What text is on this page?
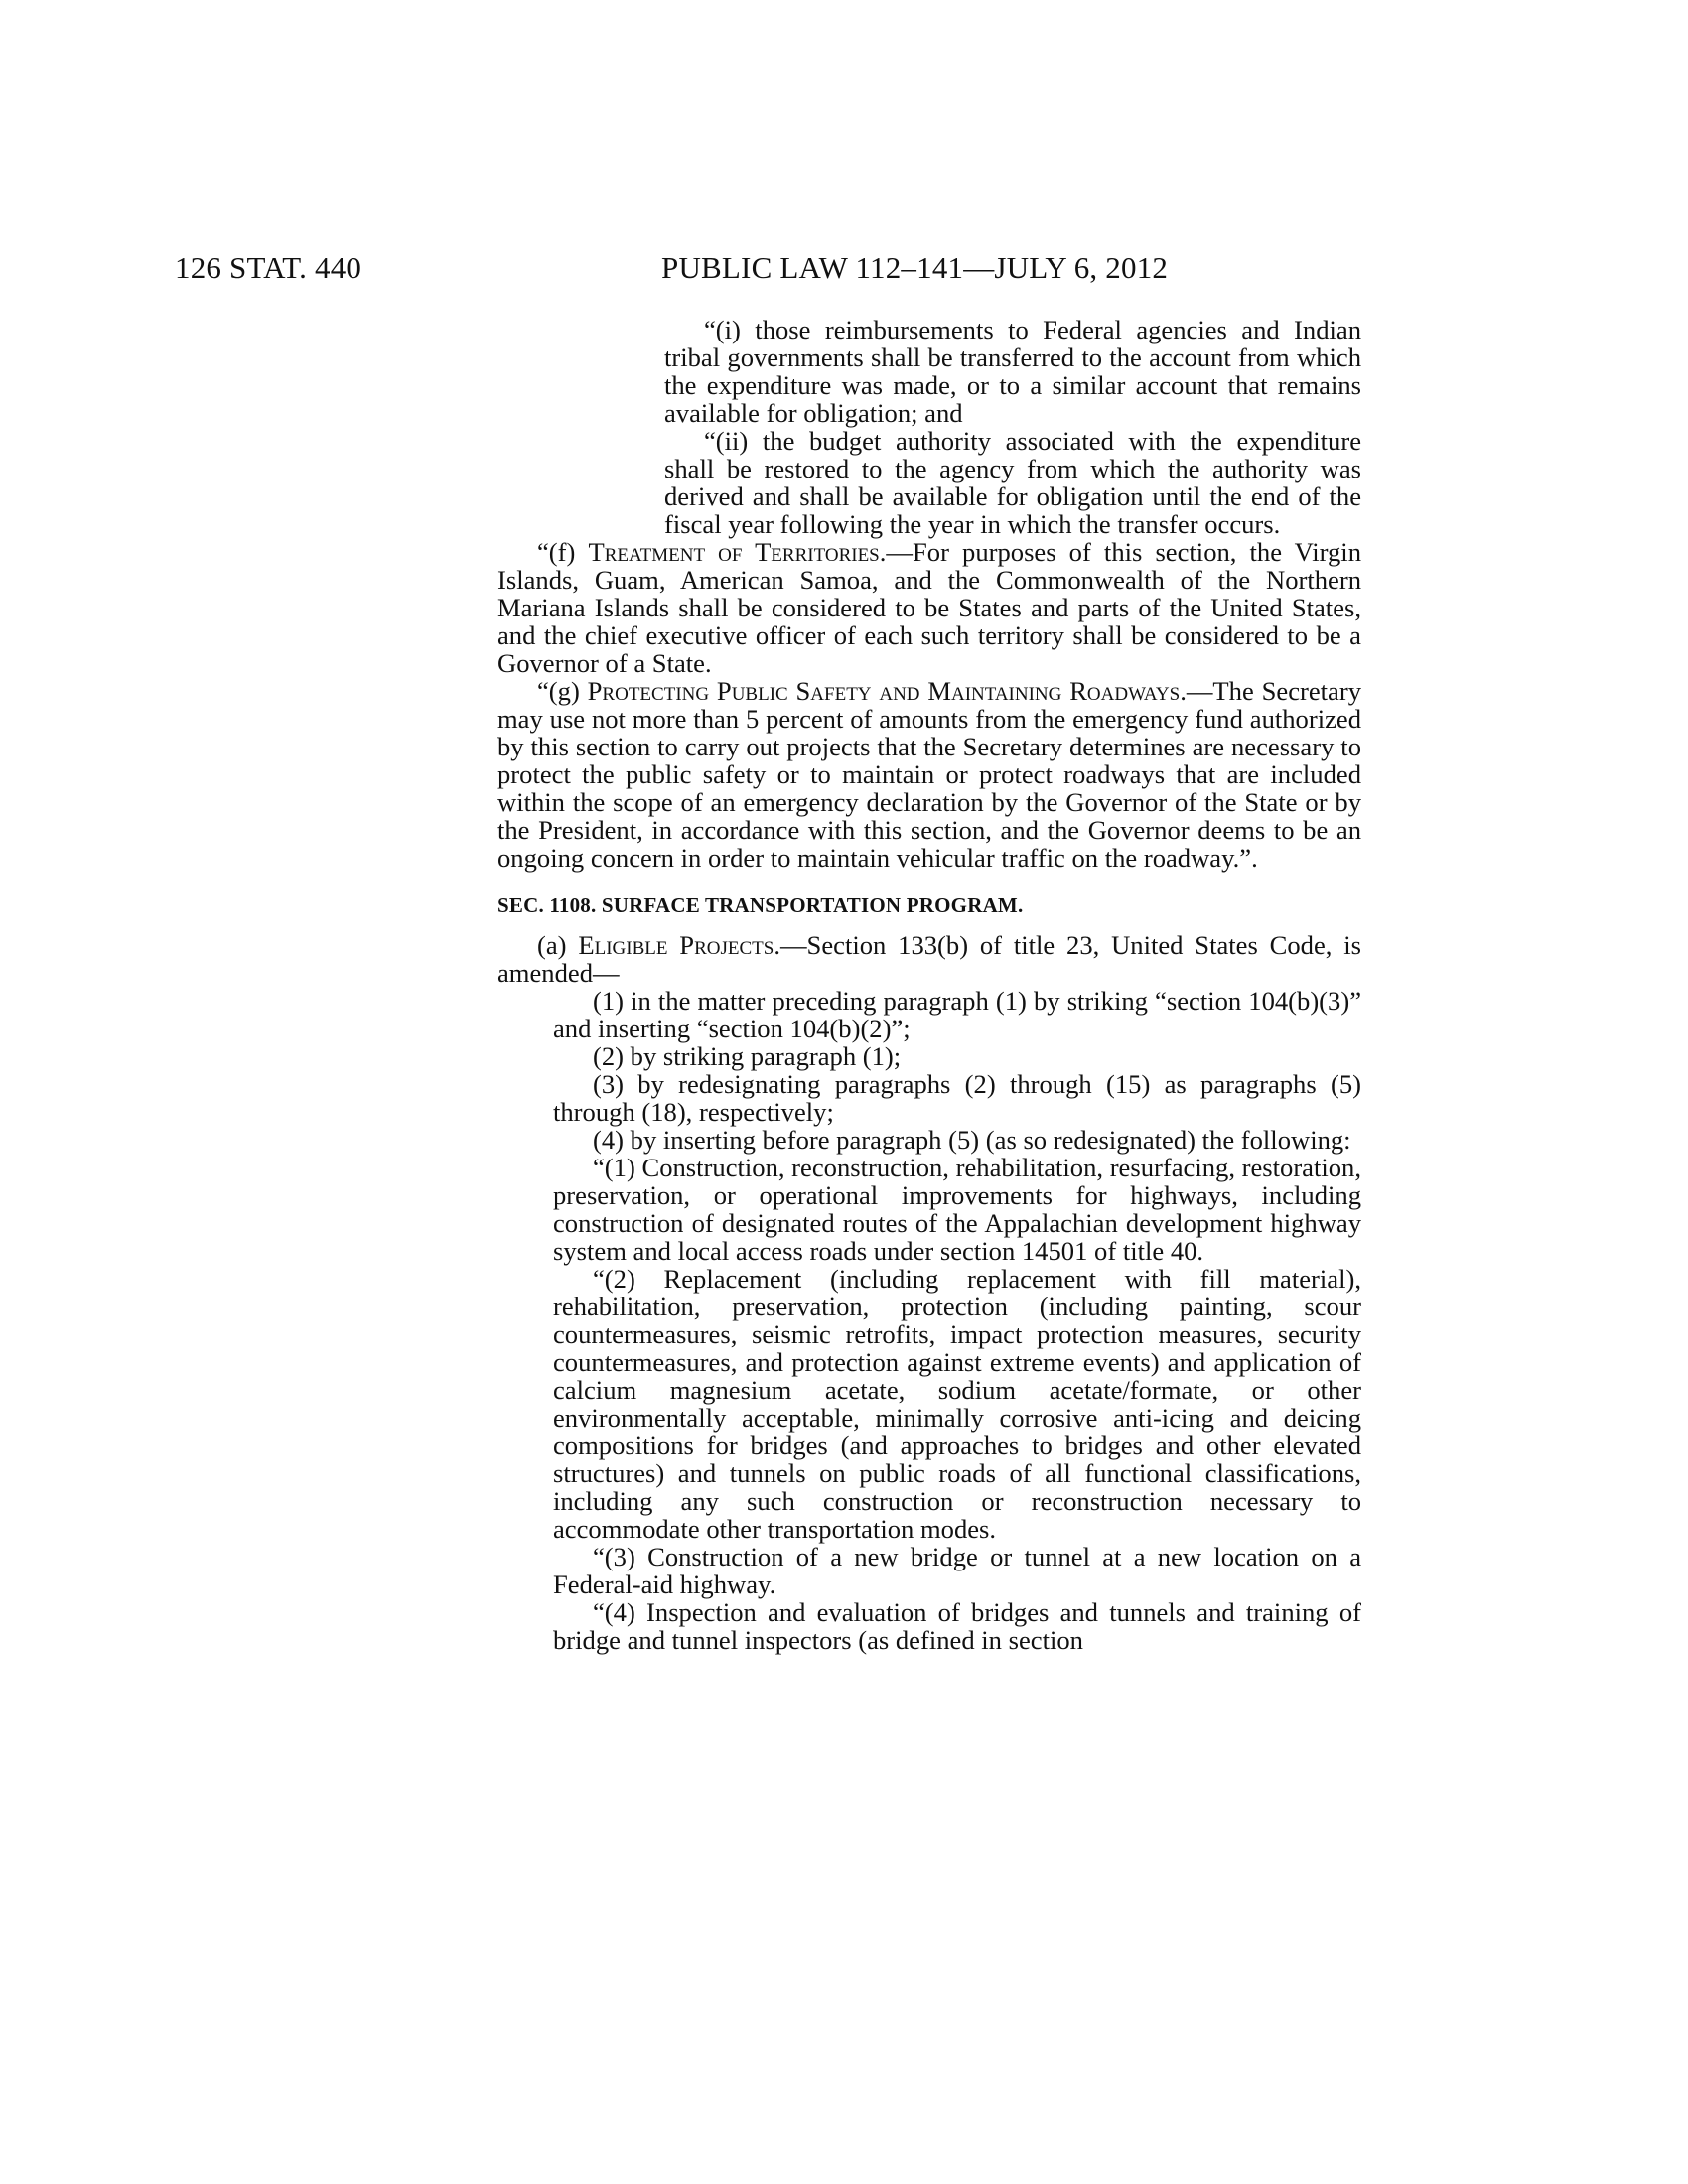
126 STAT. 440	PUBLIC LAW 112–141—JULY 6, 2012

“(i) those reimbursements to Federal agencies and Indian tribal governments shall be transferred to the account from which the expenditure was made, or to a similar account that remains available for obligation; and

“(ii) the budget authority associated with the expenditure shall be restored to the agency from which the authority was derived and shall be available for obligation until the end of the fiscal year following the year in which the transfer occurs.

“(f) Treatment of Territories.—For purposes of this section, the Virgin Islands, Guam, American Samoa, and the Commonwealth of the Northern Mariana Islands shall be considered to be States and parts of the United States, and the chief executive officer of each such territory shall be considered to be a Governor of a State.

“(g) Protecting Public Safety and Maintaining Roadways.—The Secretary may use not more than 5 percent of amounts from the emergency fund authorized by this section to carry out projects that the Secretary determines are necessary to protect the public safety or to maintain or protect roadways that are included within the scope of an emergency declaration by the Governor of the State or by the President, in accordance with this section, and the Governor deems to be an ongoing concern in order to maintain vehicular traffic on the roadway.”.

SEC. 1108. SURFACE TRANSPORTATION PROGRAM.

(a) Eligible Projects.—Section 133(b) of title 23, United States Code, is amended—

(1) in the matter preceding paragraph (1) by striking “section 104(b)(3)” and inserting “section 104(b)(2)”;

(2) by striking paragraph (1);

(3) by redesignating paragraphs (2) through (15) as paragraphs (5) through (18), respectively;

(4) by inserting before paragraph (5) (as so redesignated) the following:

“(1) Construction, reconstruction, rehabilitation, resurfacing, restoration, preservation, or operational improvements for highways, including construction of designated routes of the Appalachian development highway system and local access roads under section 14501 of title 40.

“(2) Replacement (including replacement with fill material), rehabilitation, preservation, protection (including painting, scour countermeasures, seismic retrofits, impact protection measures, security countermeasures, and protection against extreme events) and application of calcium magnesium acetate, sodium acetate/formate, or other environmentally acceptable, minimally corrosive anti-icing and deicing compositions for bridges (and approaches to bridges and other elevated structures) and tunnels on public roads of all functional classifications, including any such construction or reconstruction necessary to accommodate other transportation modes.

“(3) Construction of a new bridge or tunnel at a new location on a Federal-aid highway.

“(4) Inspection and evaluation of bridges and tunnels and training of bridge and tunnel inspectors (as defined in section
